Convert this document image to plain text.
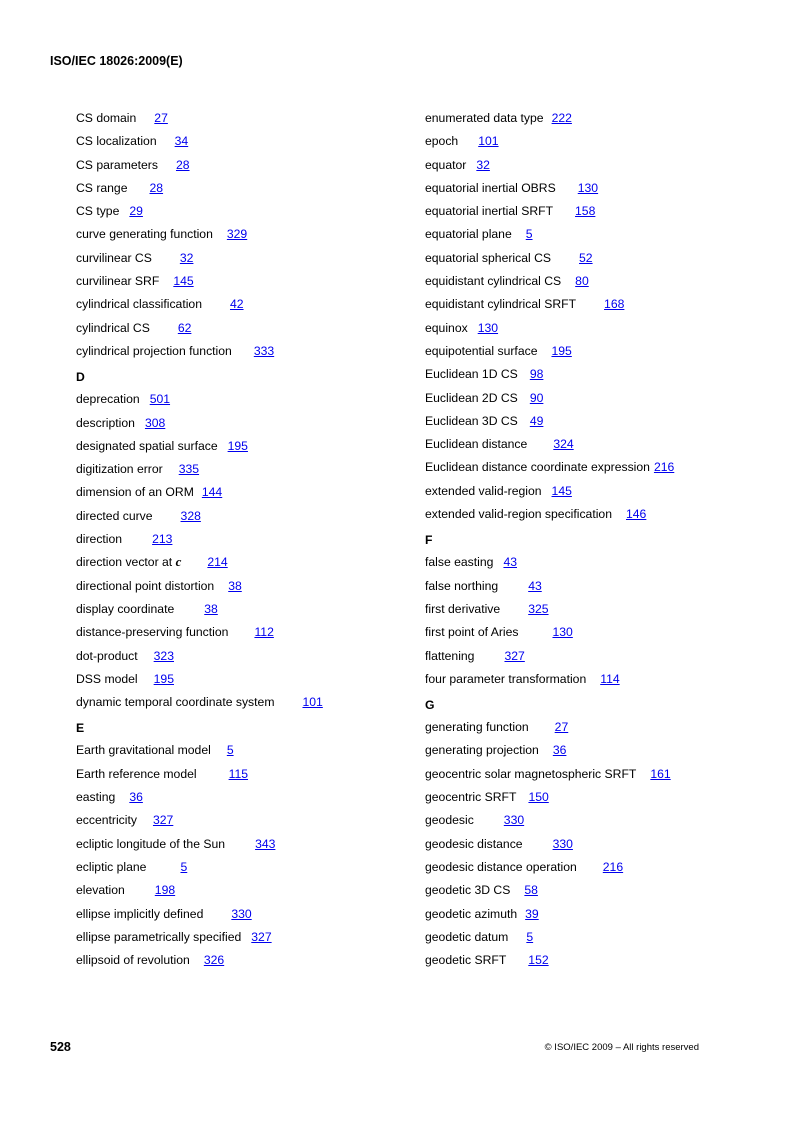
ISO/IEC 18026:2009(E)
CS domain 27
CS localization 34
CS parameters 28
CS range 28
CS type 29
curve generating function 329
curvilinear CS 32
curvilinear SRF 145
cylindrical classification 42
cylindrical CS 62
cylindrical projection function 333
D
deprecation 501
description 308
designated spatial surface 195
digitization error 335
dimension of an ORM 144
directed curve 328
direction 213
direction vector at c 214
directional point distortion 38
display coordinate 38
distance-preserving function 112
dot-product 323
DSS model 195
dynamic temporal coordinate system 101
E
Earth gravitational model 5
Earth reference model	115
easting 36
eccentricity 327
ecliptic longitude of the Sun 343
ecliptic plane	5
elevation 198
ellipse implicitly defined 330
ellipse parametrically specified 327
ellipsoid of revolution 326
enumerated data type 222
epoch 101
equator 32
equatorial inertial OBRS 130
equatorial inertial SRFT 158
equatorial plane 5
equatorial spherical CS 52
equidistant cylindrical CS 80
equidistant cylindrical SRFT 168
equinox 130
equipotential surface 195
Euclidean 1D CS 98
Euclidean 2D CS 90
Euclidean 3D CS 49
Euclidean distance 324
Euclidean distance coordinate expression 216
extended valid-region 145
extended valid-region specification 146
F
false easting 43
false northing 43
first derivative 325
first point of Aries	130
flattening 327
four parameter transformation 114
G
generating function 27
generating projection 36
geocentric solar magnetospheric SRFT 161
geocentric SRFT 150
geodesic 330
geodesic distance 330
geodesic distance operation 216
geodetic 3D CS 58
geodetic azimuth 39
geodetic datum 5
geodetic SRFT 152
528	© ISO/IEC 2009 – All rights reserved
